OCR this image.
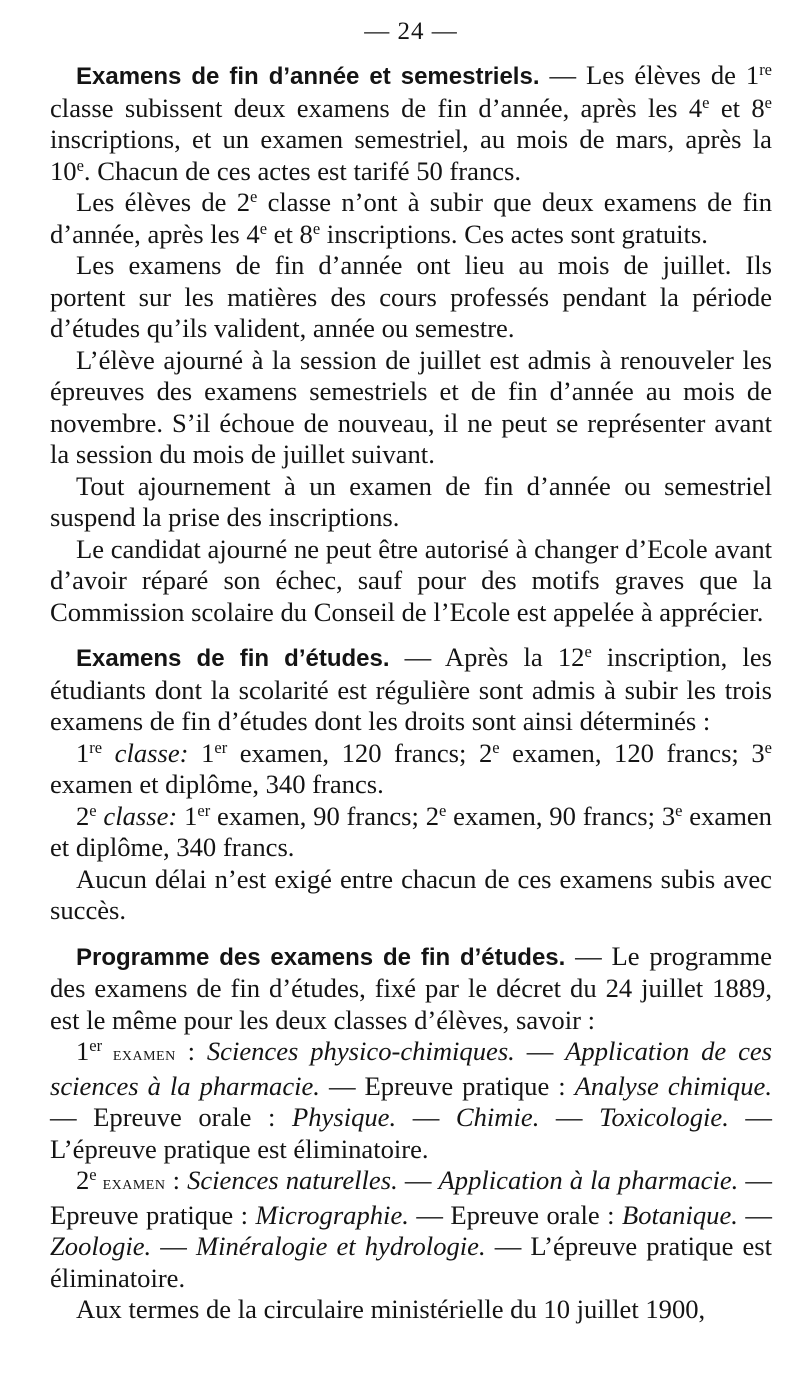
— 24 —

Examens de fin d’année et semestriels. — Les élèves de 1re classe subissent deux examens de fin d’année, après les 4e et 8e inscriptions, et un examen semestriel, au mois de mars, après la 10e. Chacun de ces actes est tarifé 50 francs.

Les élèves de 2e classe n’ont à subir que deux examens de fin d’année, après les 4e et 8e inscriptions. Ces actes sont gratuits.

Les examens de fin d’année ont lieu au mois de juillet. Ils portent sur les matières des cours professés pendant la période d’études qu’ils valident, année ou semestre.

L’élève ajourné à la session de juillet est admis à renouveler les épreuves des examens semestriels et de fin d’année au mois de novembre. S’il échoue de nouveau, il ne peut se représenter avant la session du mois de juillet suivant.

Tout ajournement à un examen de fin d’année ou semestriel suspend la prise des inscriptions.

Le candidat ajourné ne peut être autorisé à changer d’Ecole avant d’avoir réparé son échec, sauf pour des motifs graves que la Commission scolaire du Conseil de l’Ecole est appelée à apprécier.

Examens de fin d’études. — Après la 12e inscription, les étudiants dont la scolarité est régulière sont admis à subir les trois examens de fin d’études dont les droits sont ainsi déterminés :

1re classe: 1er examen, 120 francs; 2e examen, 120 francs; 3e examen et diplôme, 340 francs.

2e classe: 1er examen, 90 francs; 2e examen, 90 francs; 3e examen et diplôme, 340 francs.

Aucun délai n’est exigé entre chacun de ces examens subis avec succès.

Programme des examens de fin d’études. — Le programme des examens de fin d’études, fixé par le décret du 24 juillet 1889, est le même pour les deux classes d’élèves, savoir :

1er examen : Sciences physico-chimiques. — Application de ces sciences à la pharmacie. — Epreuve pratique : Analyse chimique. — Epreuve orale : Physique. — Chimie. — Toxicologie. — L’épreuve pratique est éliminatoire.

2e examen : Sciences naturelles. — Application à la pharmacie. — Epreuve pratique : Micrographie. — Epreuve orale : Botanique. — Zoologie. — Minéralogie et hydrologie. — L’épreuve pratique est éliminatoire.

Aux termes de la circulaire ministérielle du 10 juillet 1900,
